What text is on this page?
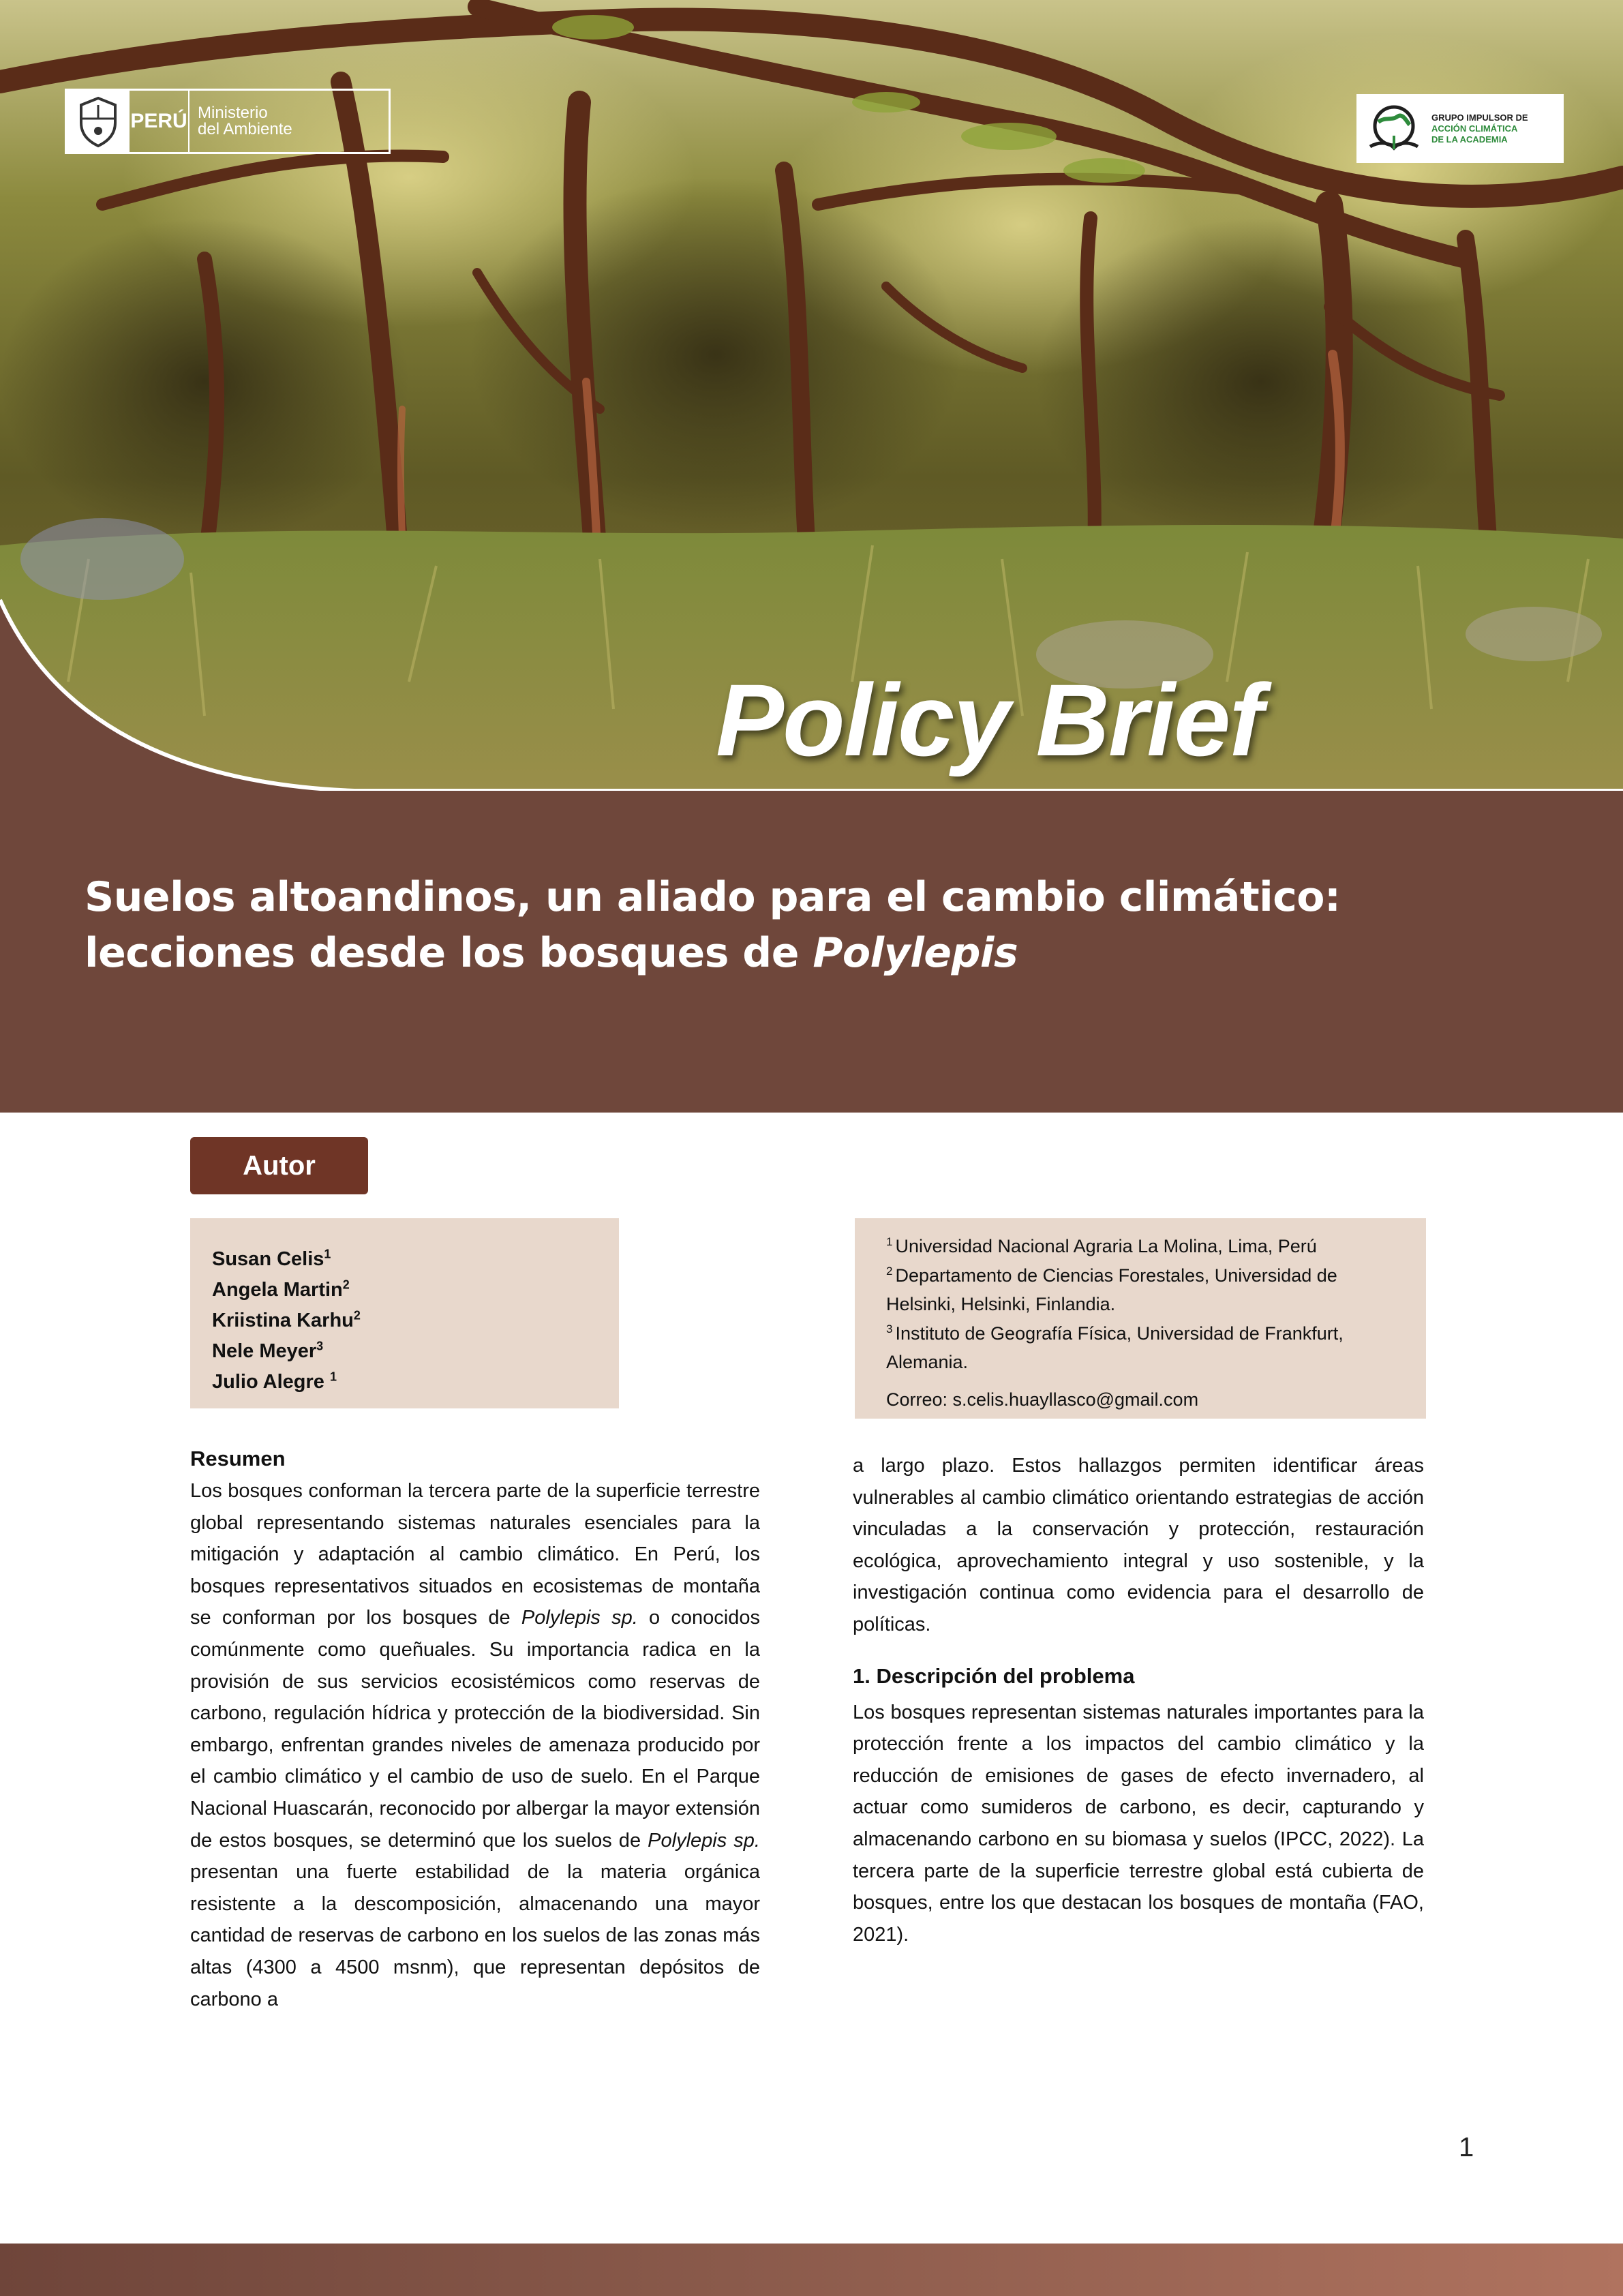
PERÚ Ministerio
del Ambiente
GRUPO IMPULSOR DE
ACCIÓN CLIMÁTICA
DE LA ACADEMIA
Policy Brief
Suelos altoandinos, un aliado para el cambio climático: lecciones desde los bosques de Polylepis
Autor
Susan Celis$^1$
Angela Martin$^2$
Kriistina Karhu$^2$
Nele Meyer$^3$
Julio Alegre $^1$
$^1$ Universidad Nacional Agraria La Molina, Lima, Perú
$^2$ Departamento de Ciencias Forestales, Universidad de Helsinki, Helsinki, Finlandia.
$^3$ Instituto de Geografía Física, Universidad de Frankfurt, Alemania.
Correo: s.celis.huayllasco@gmail.com
Resumen

Los bosques conforman la tercera parte de la superficie terrestre global representando sistemas naturales esenciales para la mitigación y adaptación al cambio climático. En Perú, los bosques representativos situados en ecosistemas de montaña se conforman por los bosques de Polylepis sp. o conocidos comúnmente como queñuales. Su importancia radica en la provisión de sus servicios ecosistémicos como reservas de carbono, regulación hídrica y protección de la biodiversidad. Sin embargo, enfrentan grandes niveles de amenaza producido por el cambio climático y el cambio de uso de suelo. En el Parque Nacional Huascarán, reconocido por albergar la mayor extensión de estos bosques, se determinó que los suelos de Polylepis sp. presentan una fuerte estabilidad de la materia orgánica resistente a la descomposición, almacenando una mayor cantidad de reservas de carbono en los suelos de las zonas más altas (4300 a 4500 msnm), que representan depósitos de carbono a

a largo plazo. Estos hallazgos permiten identificar áreas vulnerables al cambio climático orientando estrategias de acción vinculadas a la conservación y protección, restauración ecológica, aprovechamiento integral y uso sostenible, y la investigación continua como evidencia para el desarrollo de políticas.

1. Descripción del problema

Los bosques representan sistemas naturales importantes para la protección frente a los impactos del cambio climático y la reducción de emisiones de gases de efecto invernadero, al actuar como sumideros de carbono, es decir, capturando y almacenando carbono en su biomasa y suelos (IPCC, 2022). La tercera parte de la superficie terrestre global está cubierta de bosques, entre los que destacan los bosques de montaña (FAO, 2021).

1
